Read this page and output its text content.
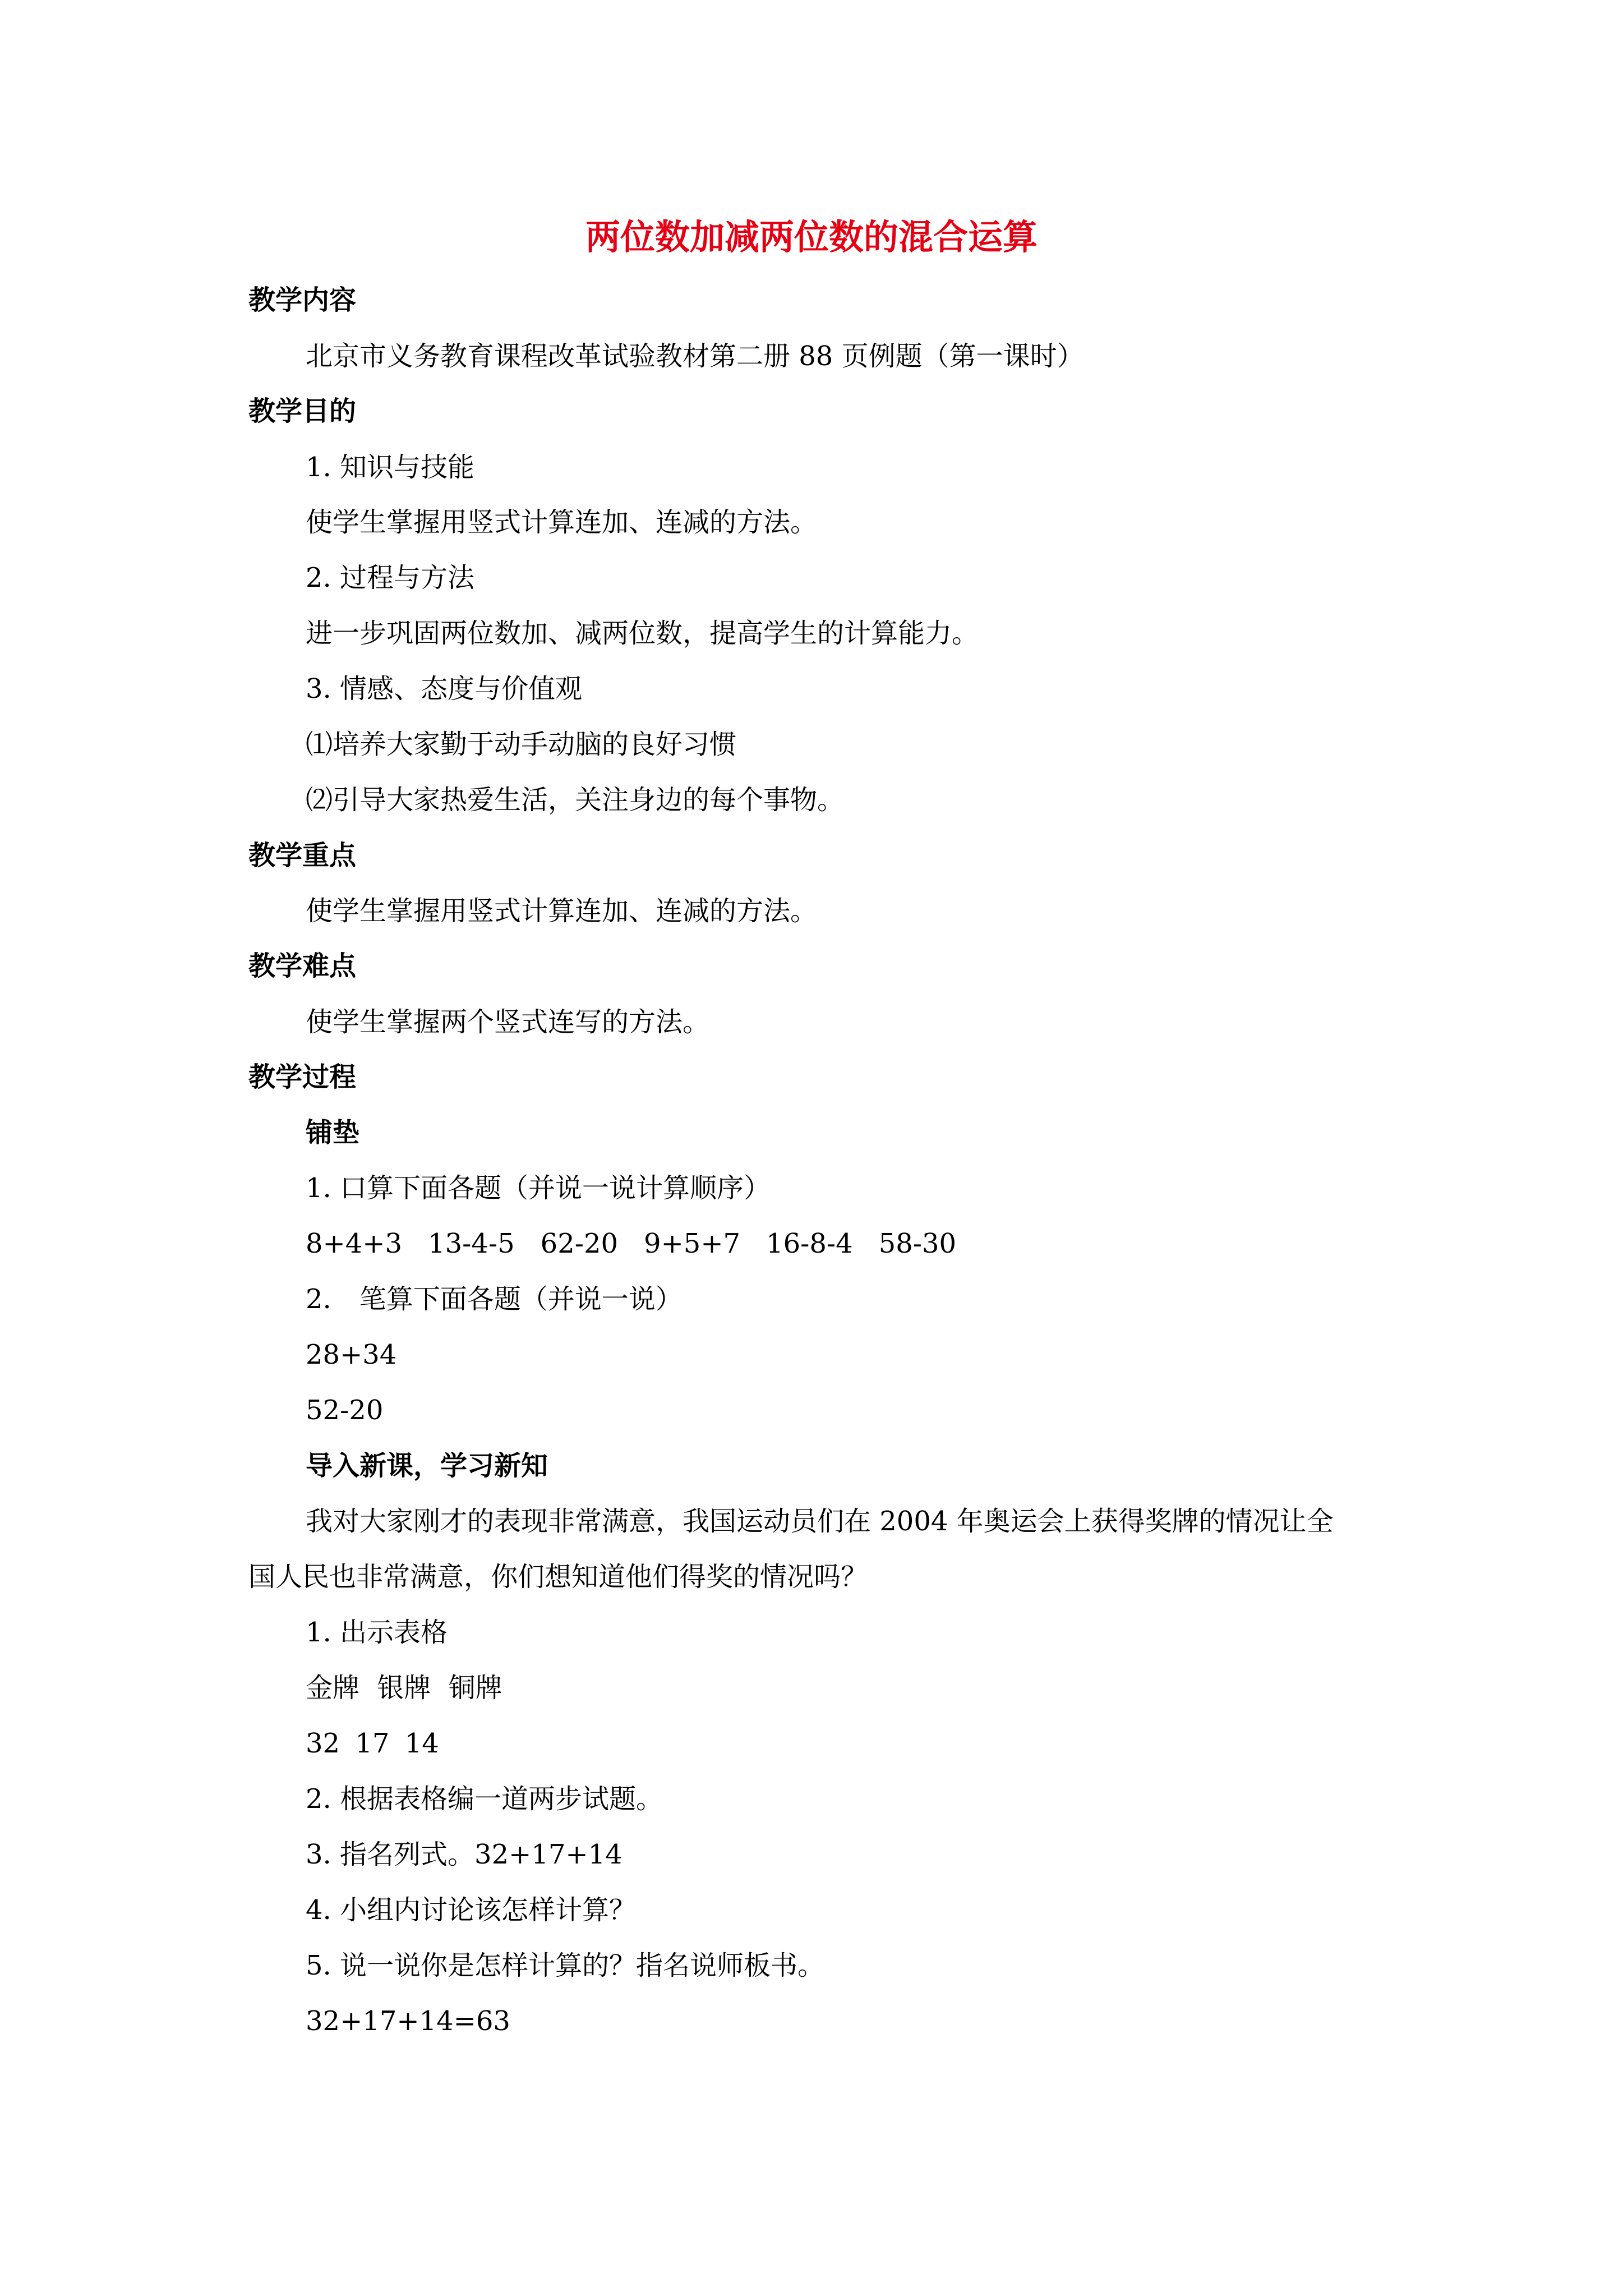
两位数加减两位数的混合运算
教学内容
北京市义务教育课程改革试验教材第二册 88 页例题（第一课时）
教学目的
1. 知识与技能
使学生掌握用竖式计算连加、连减的方法。
2. 过程与方法
进一步巩固两位数加、减两位数，提高学生的计算能力。
3. 情感、态度与价值观
⑴培养大家勤于动手动脑的良好习惯
⑵引导大家热爱生活，关注身边的每个事物。
教学重点
使学生掌握用竖式计算连加、连减的方法。
教学难点
使学生掌握两个竖式连写的方法。
教学过程
铺垫
1. 口算下面各题（并说一说计算顺序）
8+4+3 13-4-5 62-20 9+5+7 16-8-4 58-30
2. 笔算下面各题（并说一说）
28+34
52-20
导入新课，学习新知
我对大家刚才的表现非常满意，我国运动员们在 2004 年奥运会上获得奖牌的情况让全
国人民也非常满意，你们想知道他们得奖的情况吗？
1. 出示表格
金牌 银牌 铜牌
32 17 14
2. 根据表格编一道两步试题。
3. 指名列式。32+17+14
4. 小组内讨论该怎样计算？
5. 说一说你是怎样计算的？指名说师板书。
32+17+14=63
